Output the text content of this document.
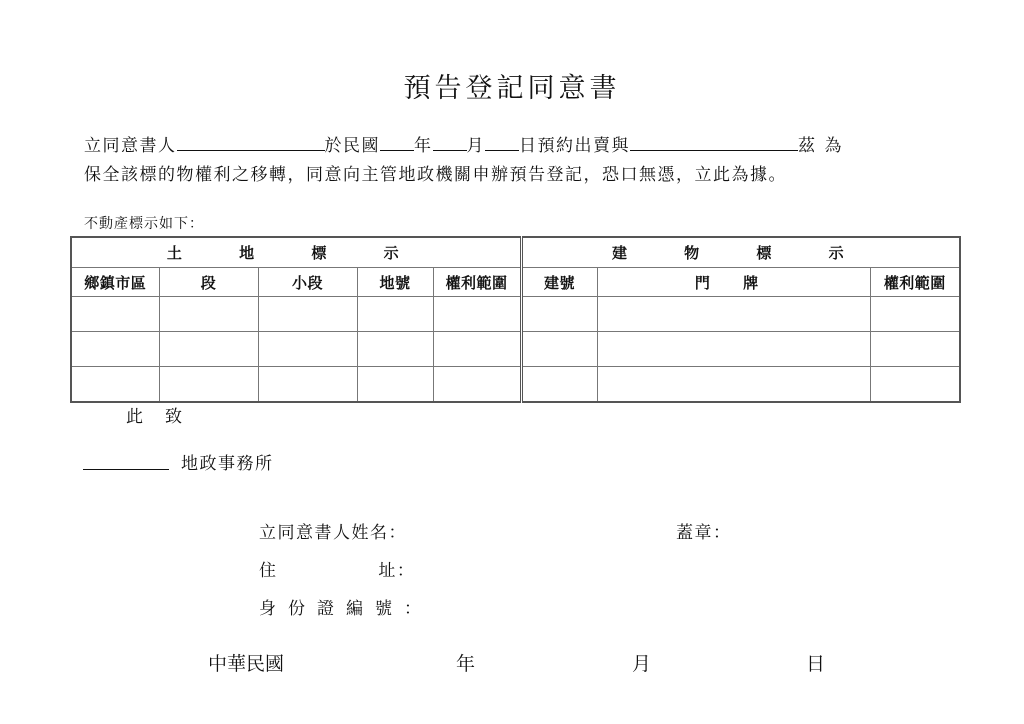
預告登記同意書
立同意書人	於民國 年 月 日預約出賣與	茲 為
保全該標的物權利之移轉，同意向主管地政機關申辦預告登記，恐口無憑，立此為據。
不動產標示如下：
土 地 標 示					建 物 標 示		
鄉鎮市區	段	小段	地號	權利範圍	建號	門 牌	權利範圍

此致
地政事務所
立同意書人姓名：	蓋章：
住 址：
身份證編號：
中華民國	年	月	日
